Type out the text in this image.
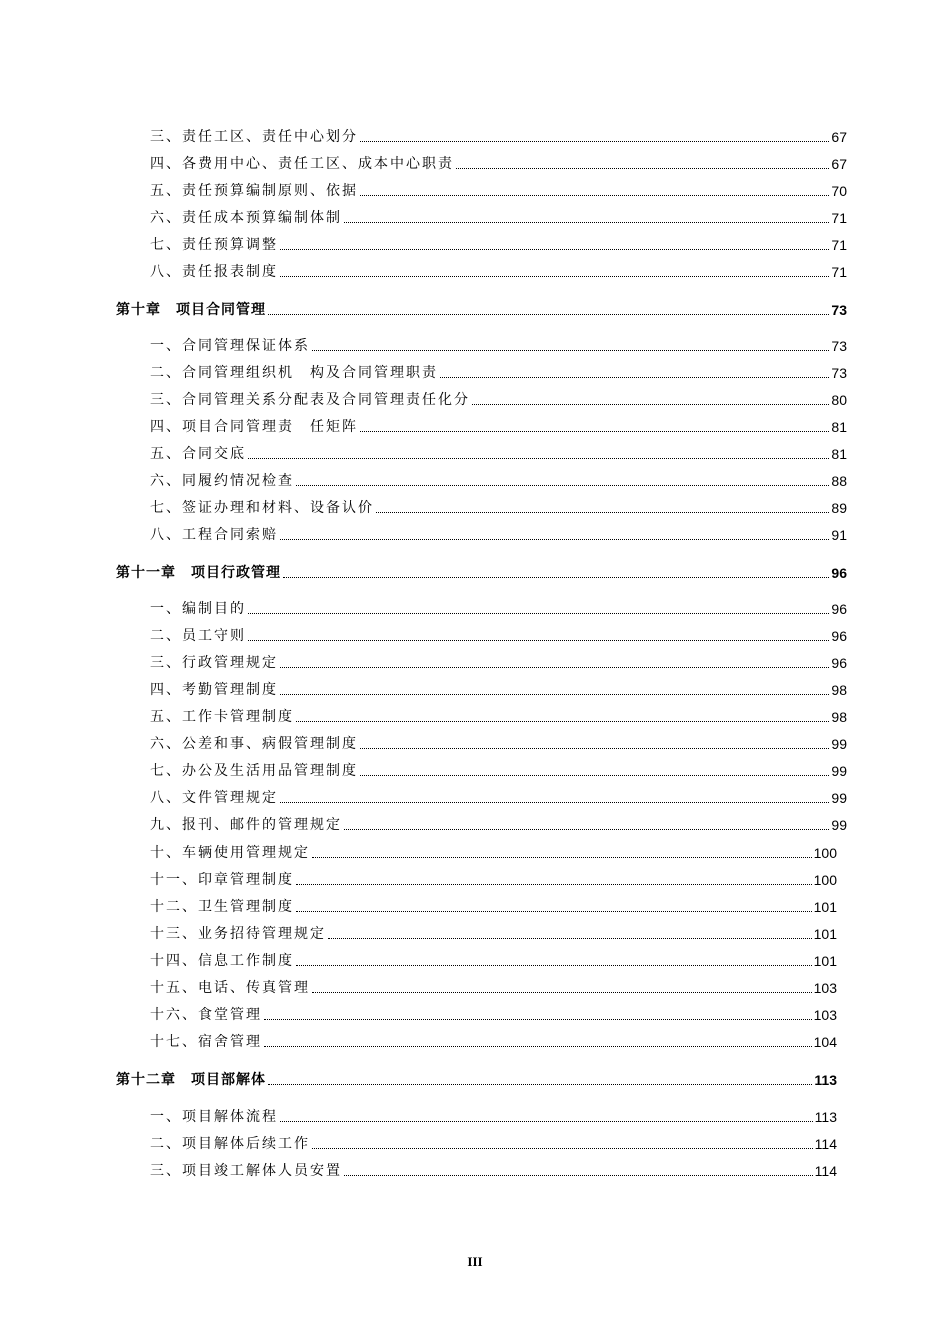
三、责任工区、责任中心划分	67
四、各费用中心、责任工区、成本中心职责	67
五、责任预算编制原则、依据	70
六、责任成本预算编制体制	71
七、责任预算调整	71
八、责任报表制度	71
第十章　项目合同管理	73
一、合同管理保证体系	73
二、合同管理组织机　构及合同管理职责	73
三、合同管理关系分配表及合同管理责任化分	80
四、项目合同管理责　任矩阵	81
五、合同交底	81
六、同履约情况检查	88
七、签证办理和材料、设备认价	89
八、工程合同索赔	91
第十一章　项目行政管理	96
一、编制目的	96
二、员工守则	96
三、行政管理规定	96
四、考勤管理制度	98
五、工作卡管理制度	98
六、公差和事、病假管理制度	99
七、办公及生活用品管理制度	99
八、文件管理规定	99
九、报刊、邮件的管理规定	99
十、车辆使用管理规定	100
十一、印章管理制度	100
十二、卫生管理制度	101
十三、业务招待管理规定	101
十四、信息工作制度	101
十五、电话、传真管理	103
十六、食堂管理	103
十七、宿舍管理	104
第十二章　项目部解体	113
一、项目解体流程	113
二、项目解体后续工作	114
三、项目竣工解体人员安置	114
III
